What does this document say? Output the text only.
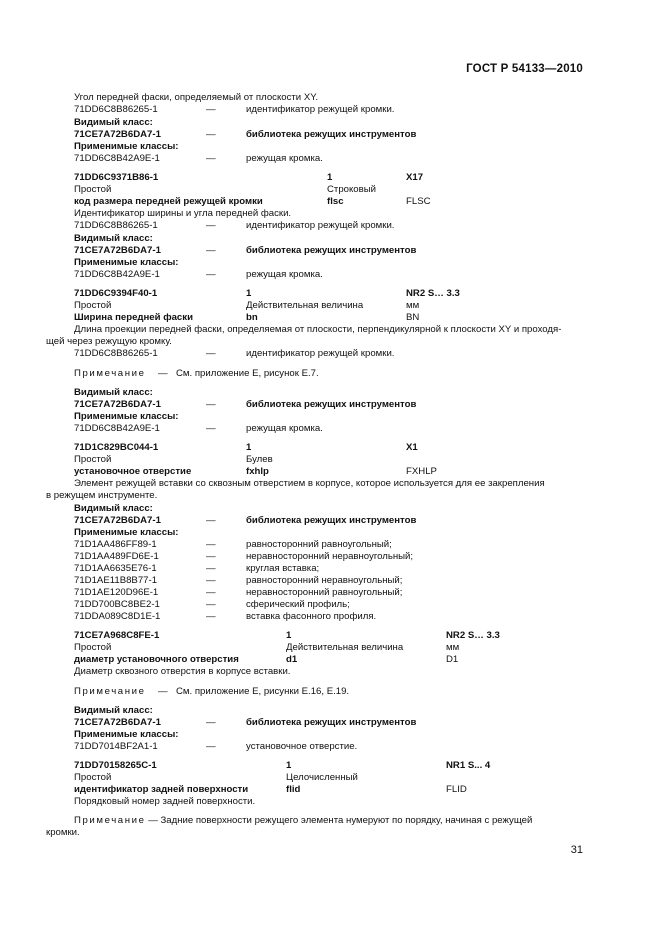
ГОСТ Р 54133—2010
Угол передней фаски, определяемый от плоскости XY.
71DD6C8B86265-1	—	идентификатор режущей кромки.
Видимый класс:
71CE7A72B6DA7-1	—	библиотека режущих инструментов
Применимые классы:
71DD6C8B42A9E-1	—	режущая кромка.
71DD6C9371B86-1	1	X17
Простой	Строковый
код размера передней режущей кромки	flsc	FLSC
Идентификатор ширины и угла передней фаски.
71DD6C8B86265-1	—	идентификатор режущей кромки.
Видимый класс:
71CE7A72B6DA7-1	—	библиотека режущих инструментов
Применимые классы:
71DD6C8B42A9E-1	—	режущая кромка.
71DD6C9394F40-1	1	NR2 S… 3.3
Простой	Действительная величина	мм
Ширина передней фаски	bn	BN
71DD6C8B86265-1	—	идентификатор режущей кромки.
Примечание — См. приложение Е, рисунок Е.7.
Видимый класс:
71CE7A72B6DA7-1	—	библиотека режущих инструментов
Применимые классы:
71DD6C8B42A9E-1	—	режущая кромка.
71D1C829BC044-1	1	X1
Простой	Булев
установочное отверстие	fxhlp	FXHLP
Видимый класс:
71CE7A72B6DA7-1	—	библиотека режущих инструментов
Применимые классы:
71D1AA486FF89-1	—	равносторонний равноугольный;
71D1AA489FD6E-1	—	неравносторонний неравноугольный;
71D1AA6635E76-1	—	круглая вставка;
71D1AE11B8B77-1	—	равносторонний неравноугольный;
71D1AE120D96E-1	—	неравносторонний равноугольный;
71DD700BC8BE2-1	—	сферический профиль;
71DDA089C8D1E-1	—	вставка фасонного профиля.
71CE7A968C8FE-1	1	NR2 S… 3.3
Простой	Действительная величина	мм
диаметр установочного отверстия	d1	D1
Диаметр сквозного отверстия в корпусе вставки.
Примечание — См. приложение Е, рисунки Е.16, Е.19.
Видимый класс:
71CE7A72B6DA7-1	—	библиотека режущих инструментов
Применимые классы:
71DD7014BF2A1-1	—	установочное отверстие.
71DD70158265C-1	1	NR1 S... 4
Простой	Целочисленный
идентификатор задней поверхности	flid	FLID
Порядковый номер задней поверхности.
Длина проекции передней фаски, определяемая от плоскости, перпендикулярной к плоскости XY и проходя-
щей через режущую кромку.
Элемент режущей вставки со сквозным отверстием в корпусе, которое используется для ее закрепления
в режущем инструменте.
Примечание — Задние поверхности режущего элемента нумеруют по порядку, начиная с режущей
кромки.
31
